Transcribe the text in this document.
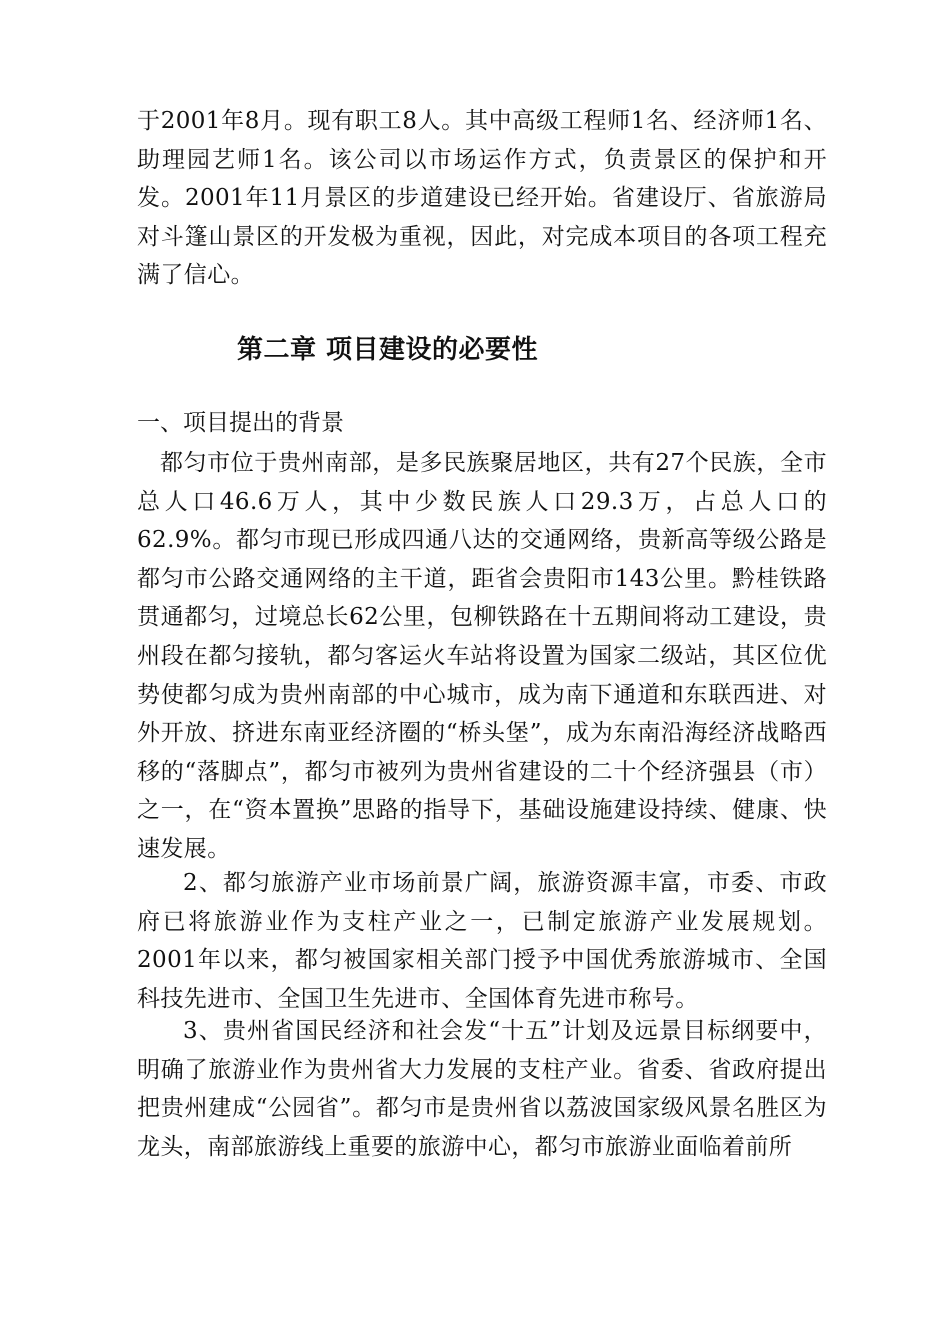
于2001年8月。现有职工8人。其中高级工程师1名、经济师1名、助理园艺师1名。该公司以市场运作方式，负责景区的保护和开发。2001年11月景区的步道建设已经开始。省建设厅、省旅游局对斗篷山景区的开发极为重视，因此，对完成本项目的各项工程充满了信心。

第二章 项目建设的必要性

一、项目提出的背景

都匀市位于贵州南部，是多民族聚居地区，共有27个民族，全市总人口46.6万人，其中少数民族人口29.3万，占总人口的62.9%。都匀市现已形成四通八达的交通网络，贵新高等级公路是都匀市公路交通网络的主干道，距省会贵阳市143公里。黔桂铁路贯通都匀，过境总长62公里，包柳铁路在十五期间将动工建设，贵州段在都匀接轨，都匀客运火车站将设置为国家二级站，其区位优势使都匀成为贵州南部的中心城市，成为南下通道和东联西进、对外开放、挤进东南亚经济圈的“桥头堡”，成为东南沿海经济战略西移的“落脚点”，都匀市被列为贵州省建设的二十个经济强县（市）之一，在“资本置换”思路的指导下，基础设施建设持续、健康、快速发展。

2、都匀旅游产业市场前景广阔，旅游资源丰富，市委、市政府已将旅游业作为支柱产业之一，已制定旅游产业发展规划。2001年以来，都匀被国家相关部门授予中国优秀旅游城市、全国科技先进市、全国卫生先进市、全国体育先进市称号。

3、贵州省国民经济和社会发“十五”计划及远景目标纲要中，明确了旅游业作为贵州省大力发展的支柱产业。省委、省政府提出把贵州建成“公园省”。都匀市是贵州省以荔波国家级风景名胜区为龙头，南部旅游线上重要的旅游中心，都匀市旅游业面临着前所
